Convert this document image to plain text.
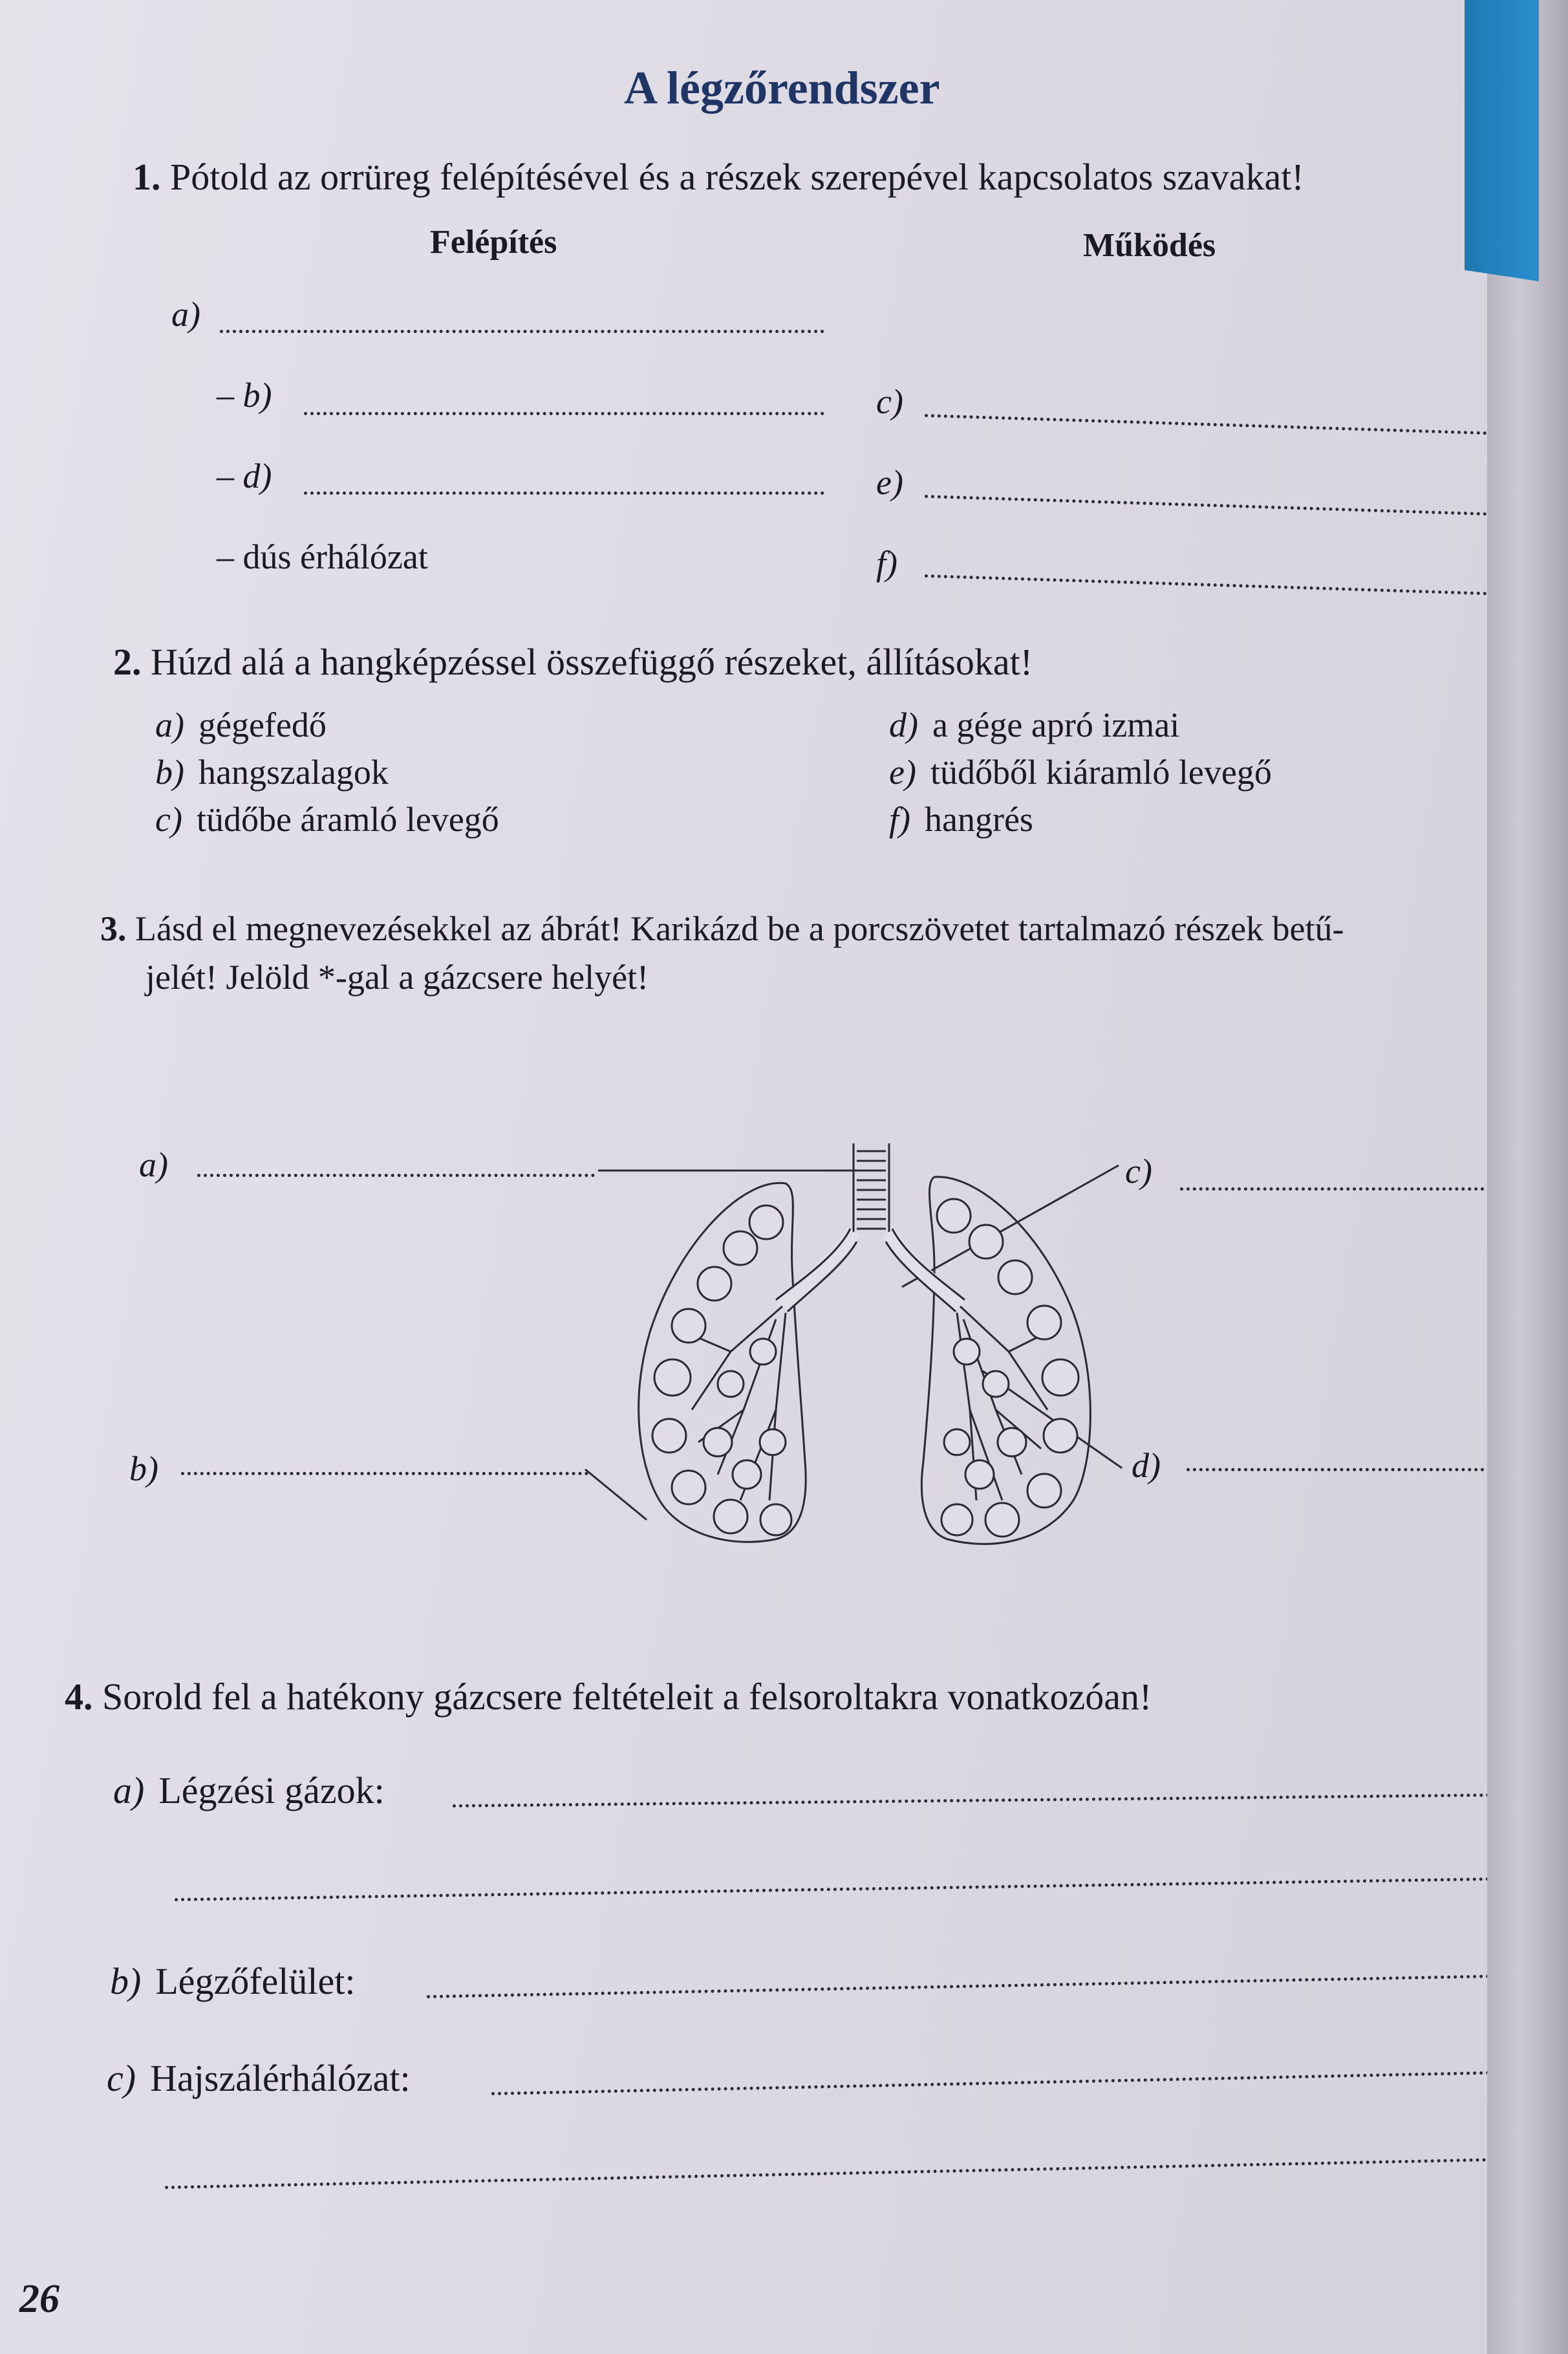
A légzőrendszer
1. Pótold az orrüreg felépítésével és a részek szerepével kapcsolatos szavakat!
Felépítés	Működés
a)
– b)	c)
– d)	e)
– dús érhálózat	f)
2. Húzd alá a hangképzéssel összefüggő részeket, állításokat!
a) gégefedő
b) hangszalagok
c) tüdőbe áramló levegő
d) a gége apró izmai
e) tüdőből kiáramló levegő
f) hangrés
3. Lásd el megnevezésekkel az ábrát! Karikázd be a porcszövetet tartalmazó részek betű-
jelét! Jelöld *-gal a gázcsere helyét!
a)
b)
c)
d)
4. Sorold fel a hatékony gázcsere feltételeit a felsoroltakra vonatkozóan!
a) Légzési gázok:
b) Légzőfelület:
c) Hajszálérhálózat:
26
